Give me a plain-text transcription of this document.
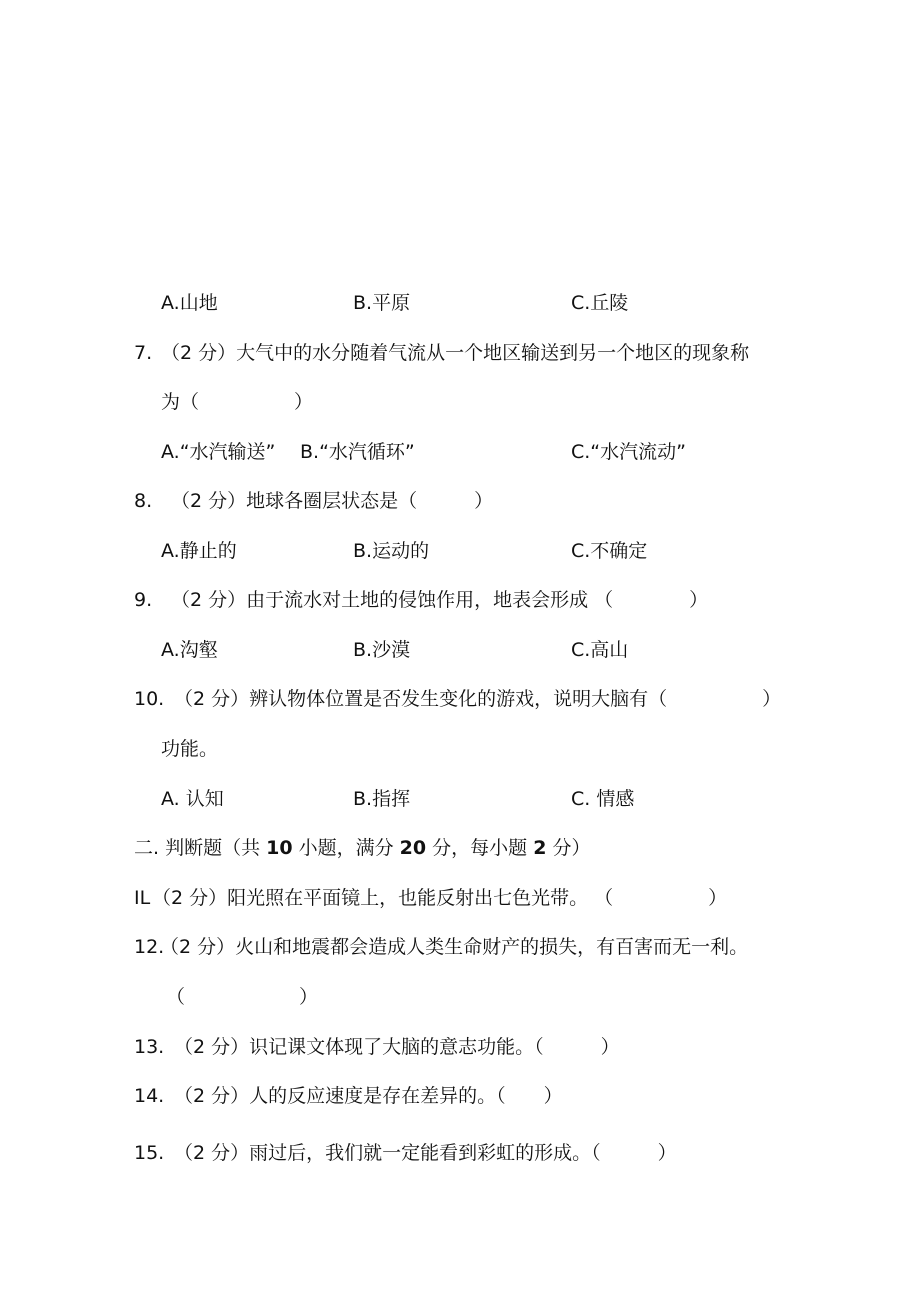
A.山地	B.平原	C.丘陵
7. （2 分）大气中的水分随着气流从一个地区输送到另一个地区的现象称
为（　　　　　）
A.“水汽输送” B.“水汽循环”	C.“水汽流动”
8. （2 分）地球各圈层状态是（　　　）
A.静止的	B.运动的	C.不确定
9. （2 分）由于流水对土地的侵蚀作用，地表会形成 （　　　　）
A.沟壑	B.沙漠	C.高山
10. （2 分）辨认物体位置是否发生变化的游戏，说明大脑有（　　　　　）
功能。
A. 认知	B.指挥	C. 情感
二. 判断题（共 10 小题，满分 20 分，每小题 2 分）
IL （2 分）阳光照在平面镜上，也能反射出七色光带。 （　　　　　）
12.
（2 分）火山和地震都会造成人类生命财产的损失，有百害而无一利。
（　　　　　　）
13. （2 分）识记课文体现了大脑的意志功能。（　　　）
14. （2 分）人的反应速度是存在差异的。（　　）
15. （2 分）雨过后，我们就一定能看到彩虹的形成。（　　　）
